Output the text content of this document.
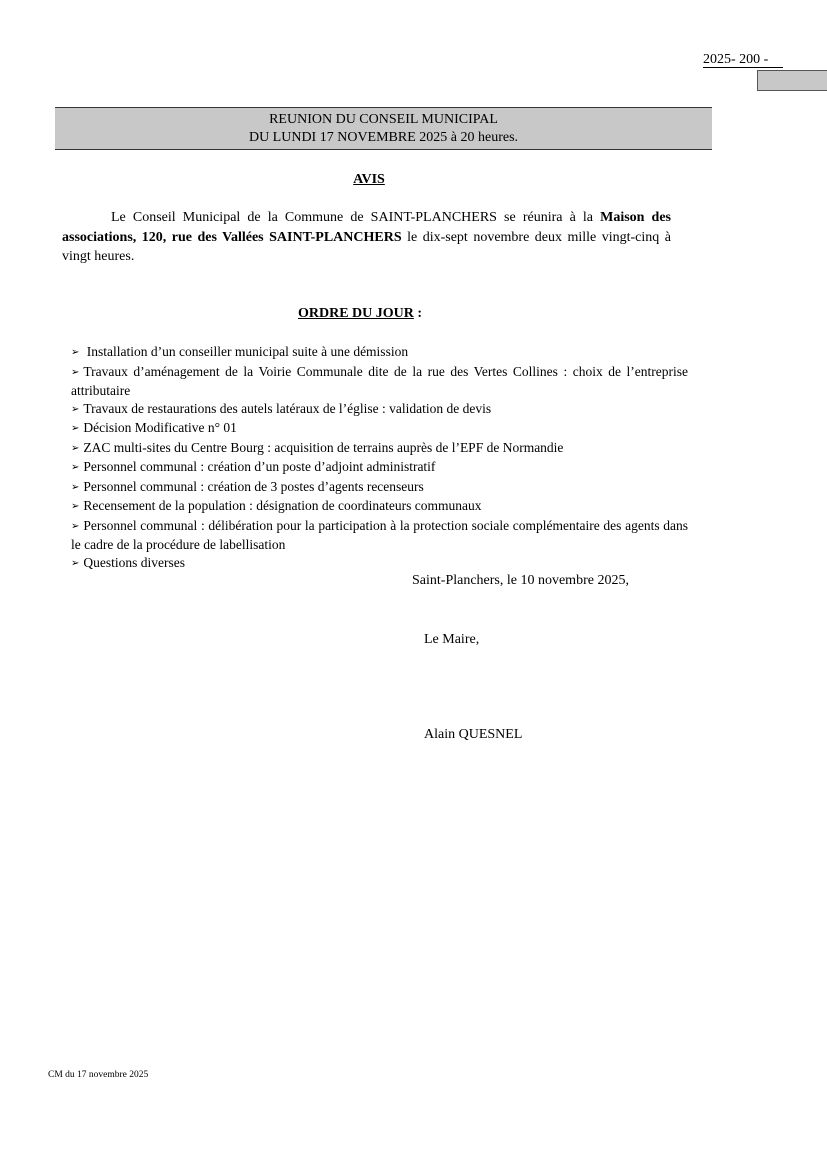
2025- 200 -
REUNION DU CONSEIL MUNICIPAL
DU LUNDI 17 NOVEMBRE 2025 à 20 heures.
AVIS
Le Conseil Municipal de la Commune de SAINT-PLANCHERS se réunira à la Maison des associations, 120, rue des Vallées SAINT-PLANCHERS le dix-sept novembre deux mille vingt-cinq à vingt heures.
ORDRE DU JOUR :
➢ Installation d’un conseiller municipal suite à une démission
➢ Travaux d’aménagement de la Voirie Communale dite de la rue des Vertes Collines : choix de l’entreprise attributaire
➢ Travaux de restaurations des autels latéraux de l’église : validation de devis
➢ Décision Modificative n° 01
➢ ZAC multi-sites du Centre Bourg : acquisition de terrains auprès de l’EPF de Normandie
➢ Personnel communal : création d’un poste d’adjoint administratif
➢ Personnel communal : création de 3 postes d’agents recenseurs
➢ Recensement de la population : désignation de coordinateurs communaux
➢ Personnel communal : délibération pour la participation à la protection sociale complémentaire des agents dans le cadre de la procédure de labellisation
➢ Questions diverses
Saint-Planchers, le 10 novembre 2025,
Le Maire,
Alain QUESNEL
CM du 17 novembre 2025
